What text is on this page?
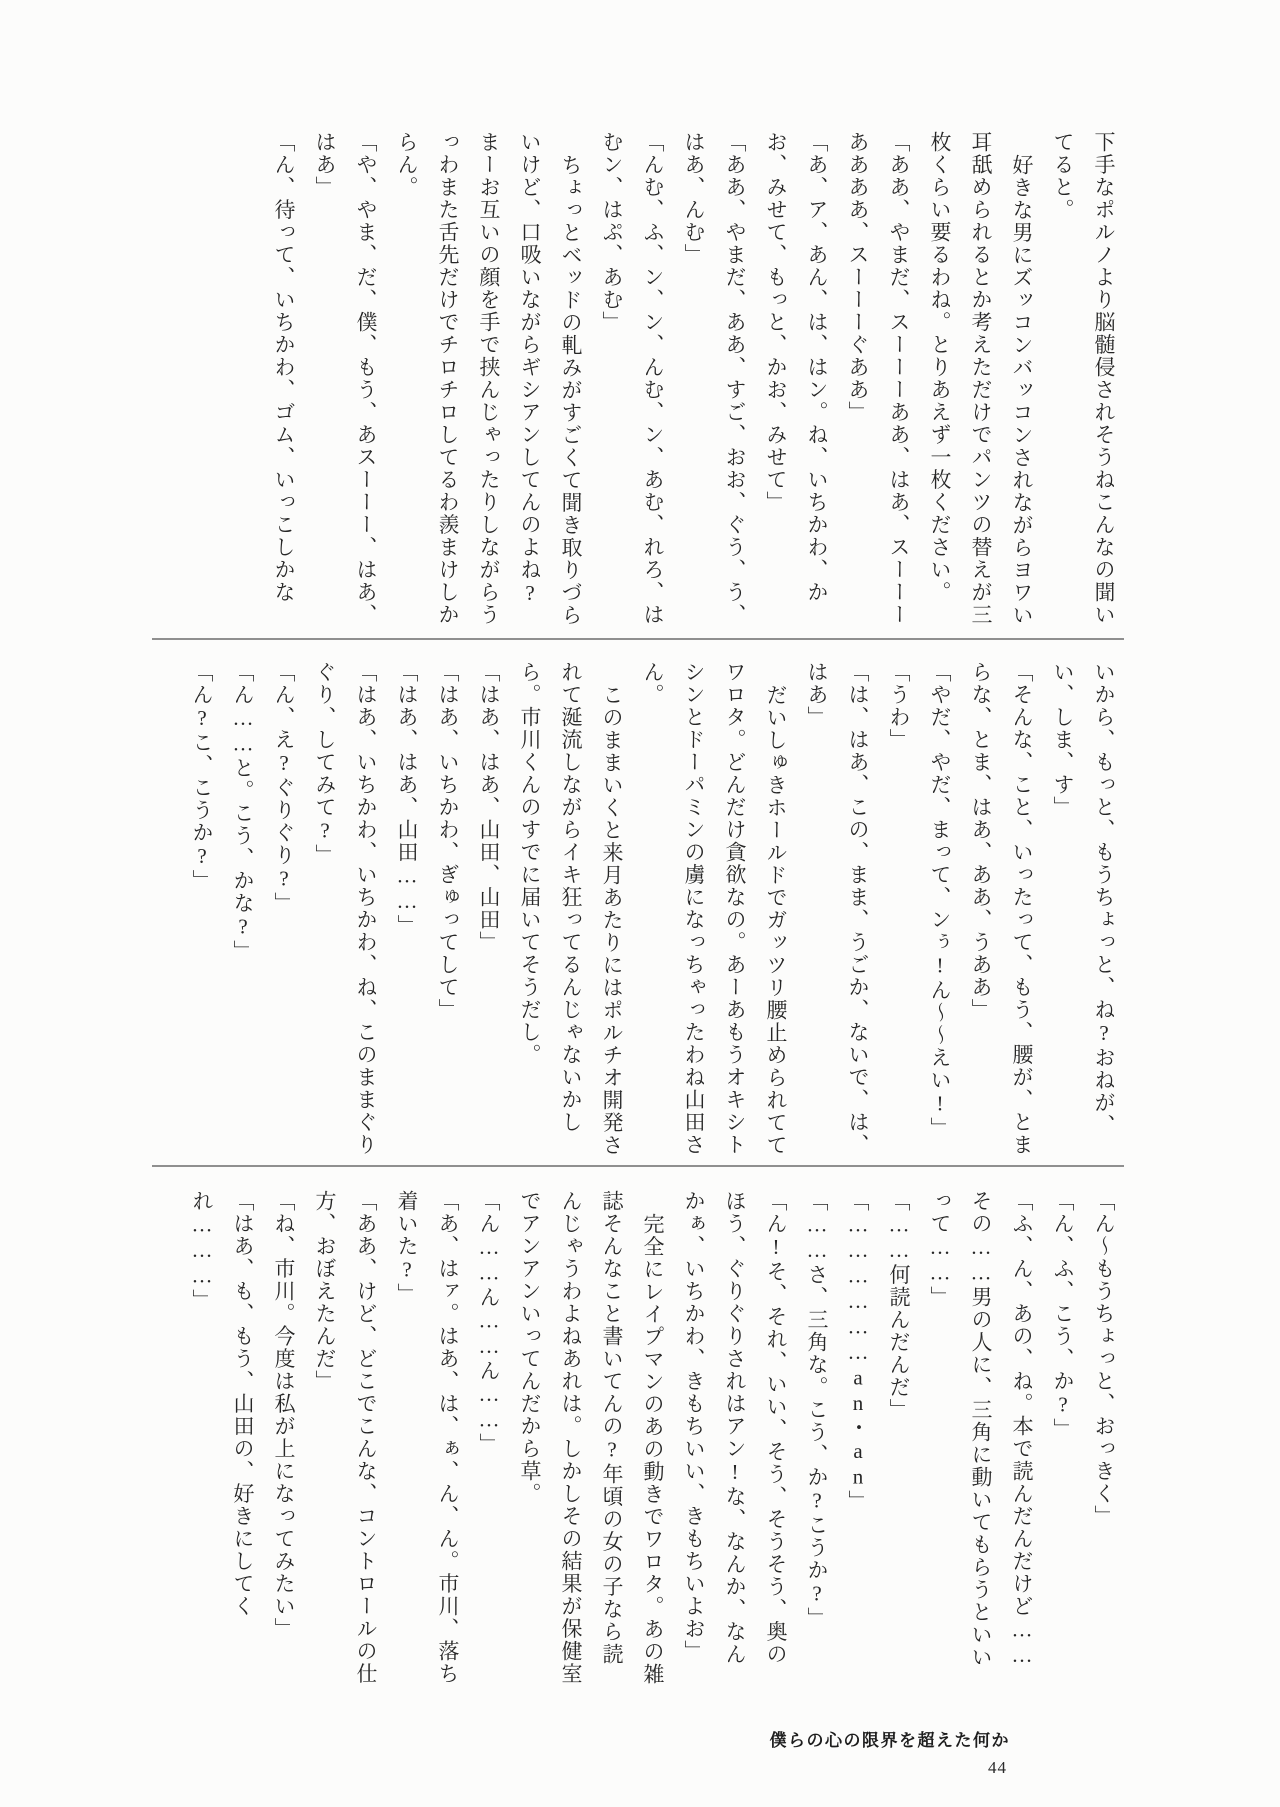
下手なポルノより脳髄侵されそうねこんなの聞いてると。

好きな男にズッコンバッコンされながらヨワい耳舐められるとか考えただけでパンツの替えが三枚くらい要るわね。とりあえず一枚ください。

「ああ、やまだ、スーーーああ、はあ、スーーーああああ、スーーーぐああ」

「あ、ア、あん、は、はン。ね、いちかわ、かお、みせて、もっと、かお、みせて」

「ああ、やまだ、ああ、すご、おお、ぐう、う、はあ、んむ」

「んむ、ふ、ン、ン、んむ、ン、あむ、れろ、はむン、はぷ、あむ」

ちょっとベッドの軋みがすごくて聞き取りづらいけど、口吸いながらギシアンしてんのよね?まーお互いの顔を手で挟んじゃったりしながらうっわまた舌先だけでチロチロしてるわ羨まけしからん。

「や、やま、だ、僕、もう、あスーーー、はあ、はあ」

「ん、待って、いちかわ、ゴム、いっこしかな

いから、もっと、もうちょっと、ね?おねが、い、しま、す」

「そんな、こと、いったって、もう、腰が、とまらな、とま、はあ、ああ、うああ」

「やだ、やだ、まって、ンぅ!ん〜〜えい!」

「うわ」

「は、はあ、この、まま、うごか、ないで、は、はあ」

だいしゅきホールドでガッツリ腰止められててワロタ。どんだけ貪欲なの。あーあもうオキシトシンとドーパミンの虜になっちゃったわね山田さん。

このままいくと来月あたりにはポルチオ開発されて涎流しながらイキ狂ってるんじゃないかしら。市川くんのすでに届いてそうだし。

「はあ、はあ、山田、山田」

「はあ、いちかわ、ぎゅってして」

「はあ、はあ、山田……」

「はあ、いちかわ、いちかわ、ね、このままぐりぐり、してみて?」

「ん、え?ぐりぐり?」

「ん……と。こう、かな?」

「ん?こ、こうか?」

「ん〜もうちょっと、おっきく」

「ん、ふ、こう、か?」

「ふ、ん、あの、ね。本で読んだんだけど……その……男の人に、三角に動いてもらうといいって……」

「……何読んだんだ」

「………………an・an」

「……さ、三角な。こう、か?こうか?」

「ん!そ、それ、いい、そう、そうそう、奥のほう、ぐりぐりされはアン!な、なんか、なんかぁ、いちかわ、きもちいい、きもちいよお」

完全にレイプマンのあの動きでワロタ。あの雑誌そんなこと書いてんの?年頃の女の子なら読んじゃうわよねあれは。しかしその結果が保健室でアンアンいってんだから草。

「ん……ん……ん……」

「あ、はァ。はあ、は、ぁ、ん、ん。市川、落ち着いた?」

「ああ、けど、どこでこんな、コントロールの仕方、おぼえたんだ」

「ね、市川。今度は私が上になってみたい」

「はあ、も、もう、山田の、好きにしてくれ………」

僕らの心の限界を超えた何か
44
